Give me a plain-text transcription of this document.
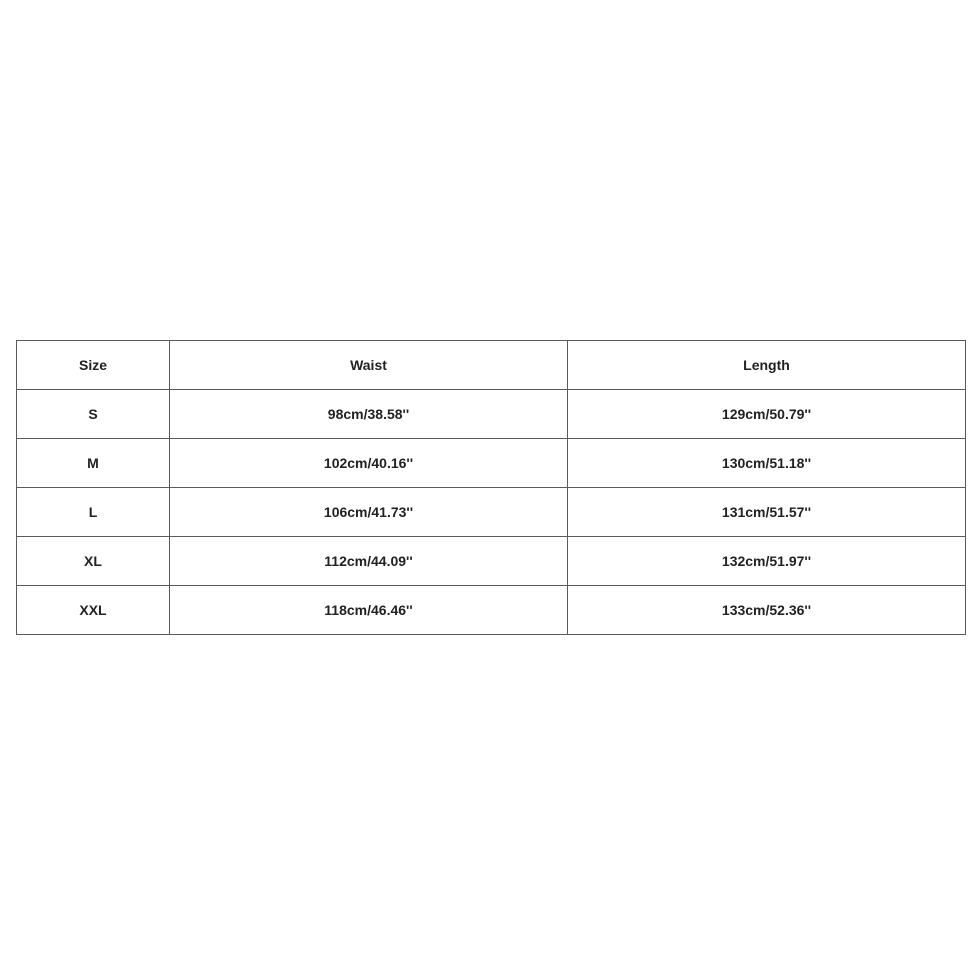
Size	Waist	Length
S	98cm/38.58''	129cm/50.79''
M	102cm/40.16''	130cm/51.18''
L	106cm/41.73''	131cm/51.57''
XL	112cm/44.09''	132cm/51.97''
XXL	118cm/46.46''	133cm/52.36''
